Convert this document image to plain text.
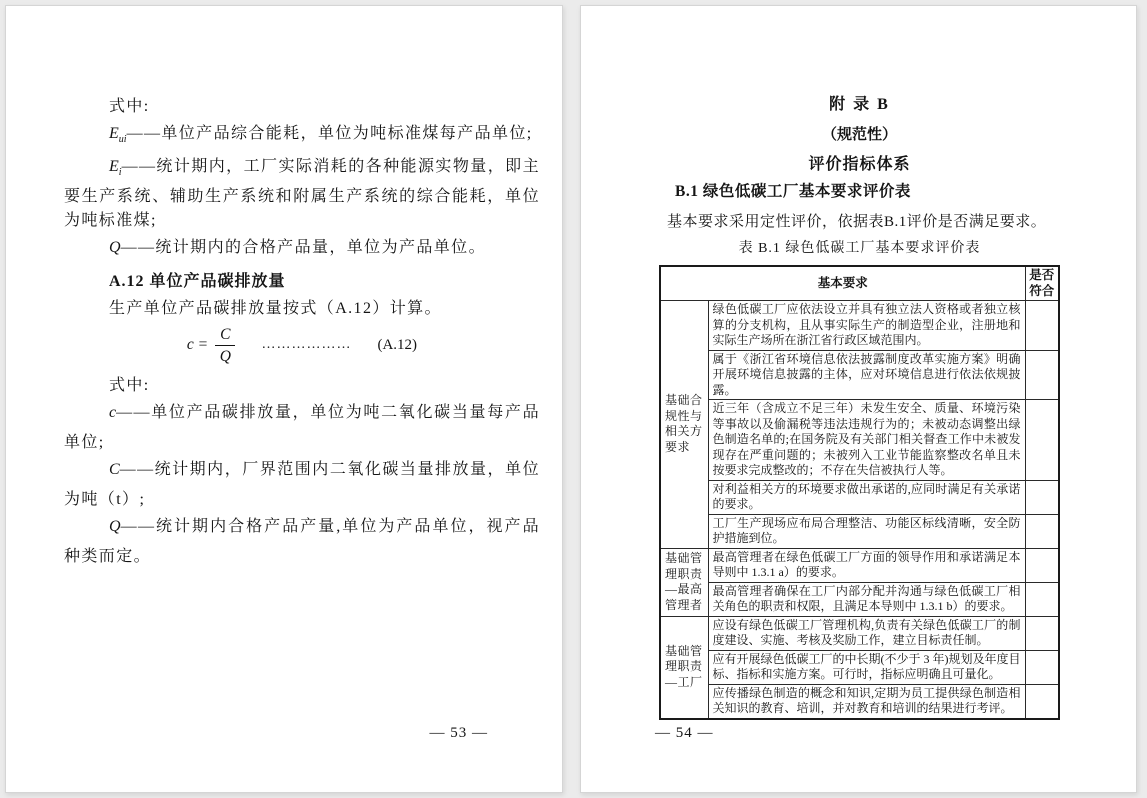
式中:

$E_{ui}——$单位产品综合能耗，单位为吨标准煤每产品单位;

$E_i——$统计期内，工厂实际消耗的各种能源实物量，即主要生产系统、辅助生产系统和附属生产系统的综合能耗，单位为吨标准煤;

Q——统计期内的合格产品量，单位为产品单位。

A.12 单位产品碳排放量

生产单位产品碳排放量按式（A.12）计算。

$c = \frac{C}{Q}$ ……………… (A.12)

式中:

c——单位产品碳排放量，单位为吨二氧化碳当量每产品单位;

C——统计期内，厂界范围内二氧化碳当量排放量，单位为吨（t）;

Q——统计期内合格产品产量,单位为产品单位，视产品种类而定。

— 53 —
附 录 B
（规范性）
评价指标体系
B.1 绿色低碳工厂基本要求评价表

基本要求采用定性评价，依据表B.1评价是否满足要求。

表 B.1 绿色低碳工厂基本要求评价表
基本要求		是否符合
基础合规性与相关方要求	绿色低碳工厂应依法设立并具有独立法人资格或者独立核算的分支机构，且从事实际生产的制造型企业，注册地和实际生产场所在浙江省行政区域范围内。	
	属于《浙江省环境信息依法披露制度改革实施方案》明确开展环境信息披露的主体，应对环境信息进行依法依规披露。	
	近三年（含成立不足三年）未发生安全、质量、环境污染等事故以及偷漏税等违法违规行为的；未被动态调整出绿色制造名单的;在国务院及有关部门相关督查工作中未被发现存在严重问题的；未被列入工业节能监察整改名单且未按要求完成整改的；不存在失信被执行人等。	
	对利益相关方的环境要求做出承诺的,应同时满足有关承诺的要求。	
	工厂生产现场应布局合理整洁、功能区标线清晰，安全防护措施到位。	
基础管理职责—最高管理者	最高管理者在绿色低碳工厂方面的领导作用和承诺满足本导则中 1.3.1 a）的要求。	
	最高管理者确保在工厂内部分配并沟通与绿色低碳工厂相关角色的职责和权限，且满足本导则中 1.3.1 b）的要求。	
基础管理职责—工厂	应设有绿色低碳工厂管理机构,负责有关绿色低碳工厂的制度建设、实施、考核及奖励工作，建立目标责任制。	
	应有开展绿色低碳工厂的中长期(不少于 3 年)规划及年度目标、指标和实施方案。可行时，指标应明确且可量化。	
	应传播绿色制造的概念和知识,定期为员工提供绿色制造相关知识的教育、培训，并对教育和培训的结果进行考评。	
— 54 —
